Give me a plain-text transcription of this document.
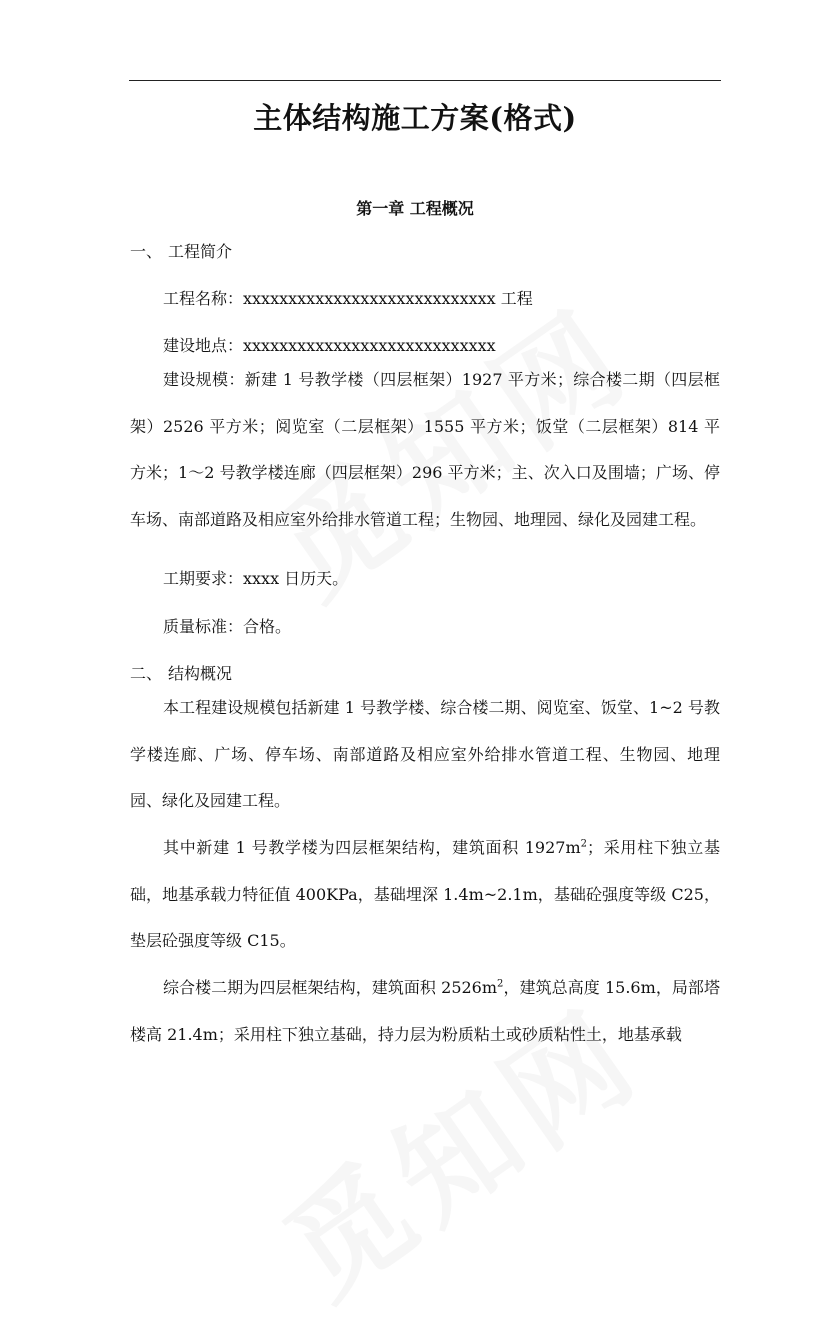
主体结构施工方案(格式)
第一章 工程概况
一、 工程简介
工程名称：xxxxxxxxxxxxxxxxxxxxxxxxxxxx 工程
建设地点：xxxxxxxxxxxxxxxxxxxxxxxxxxxx

建设规模：新建 1 号教学楼（四层框架）1927 平方米；综合楼二期（四层框架）2526 平方米；阅览室（二层框架）1555 平方米；饭堂（二层框架）814 平方米；1～2 号教学楼连廊（四层框架）296 平方米；主、次入口及围墙；广场、停车场、南部道路及相应室外给排水管道工程；生物园、地理园、绿化及园建工程。

工期要求：xxxx 日历天。
质量标准：合格。
二、 结构概况

本工程建设规模包括新建 1 号教学楼、综合楼二期、阅览室、饭堂、1~2 号教学楼连廊、广场、停车场、南部道路及相应室外给排水管道工程、生物园、地理园、绿化及园建工程。

其中新建 1 号教学楼为四层框架结构，建筑面积 $1927m^2$；采用柱下独立基础，地基承载力特征值 400KPa，基础埋深 1.4m~2.1m，基础砼强度等级 C25，垫层砼强度等级 C15。

综合楼二期为四层框架结构，建筑面积 $2526m^2$，建筑总高度 15.6m，局部塔楼高 21.4m；采用柱下独立基础，持力层为粉质粘土或砂质粘性土，地基承载
